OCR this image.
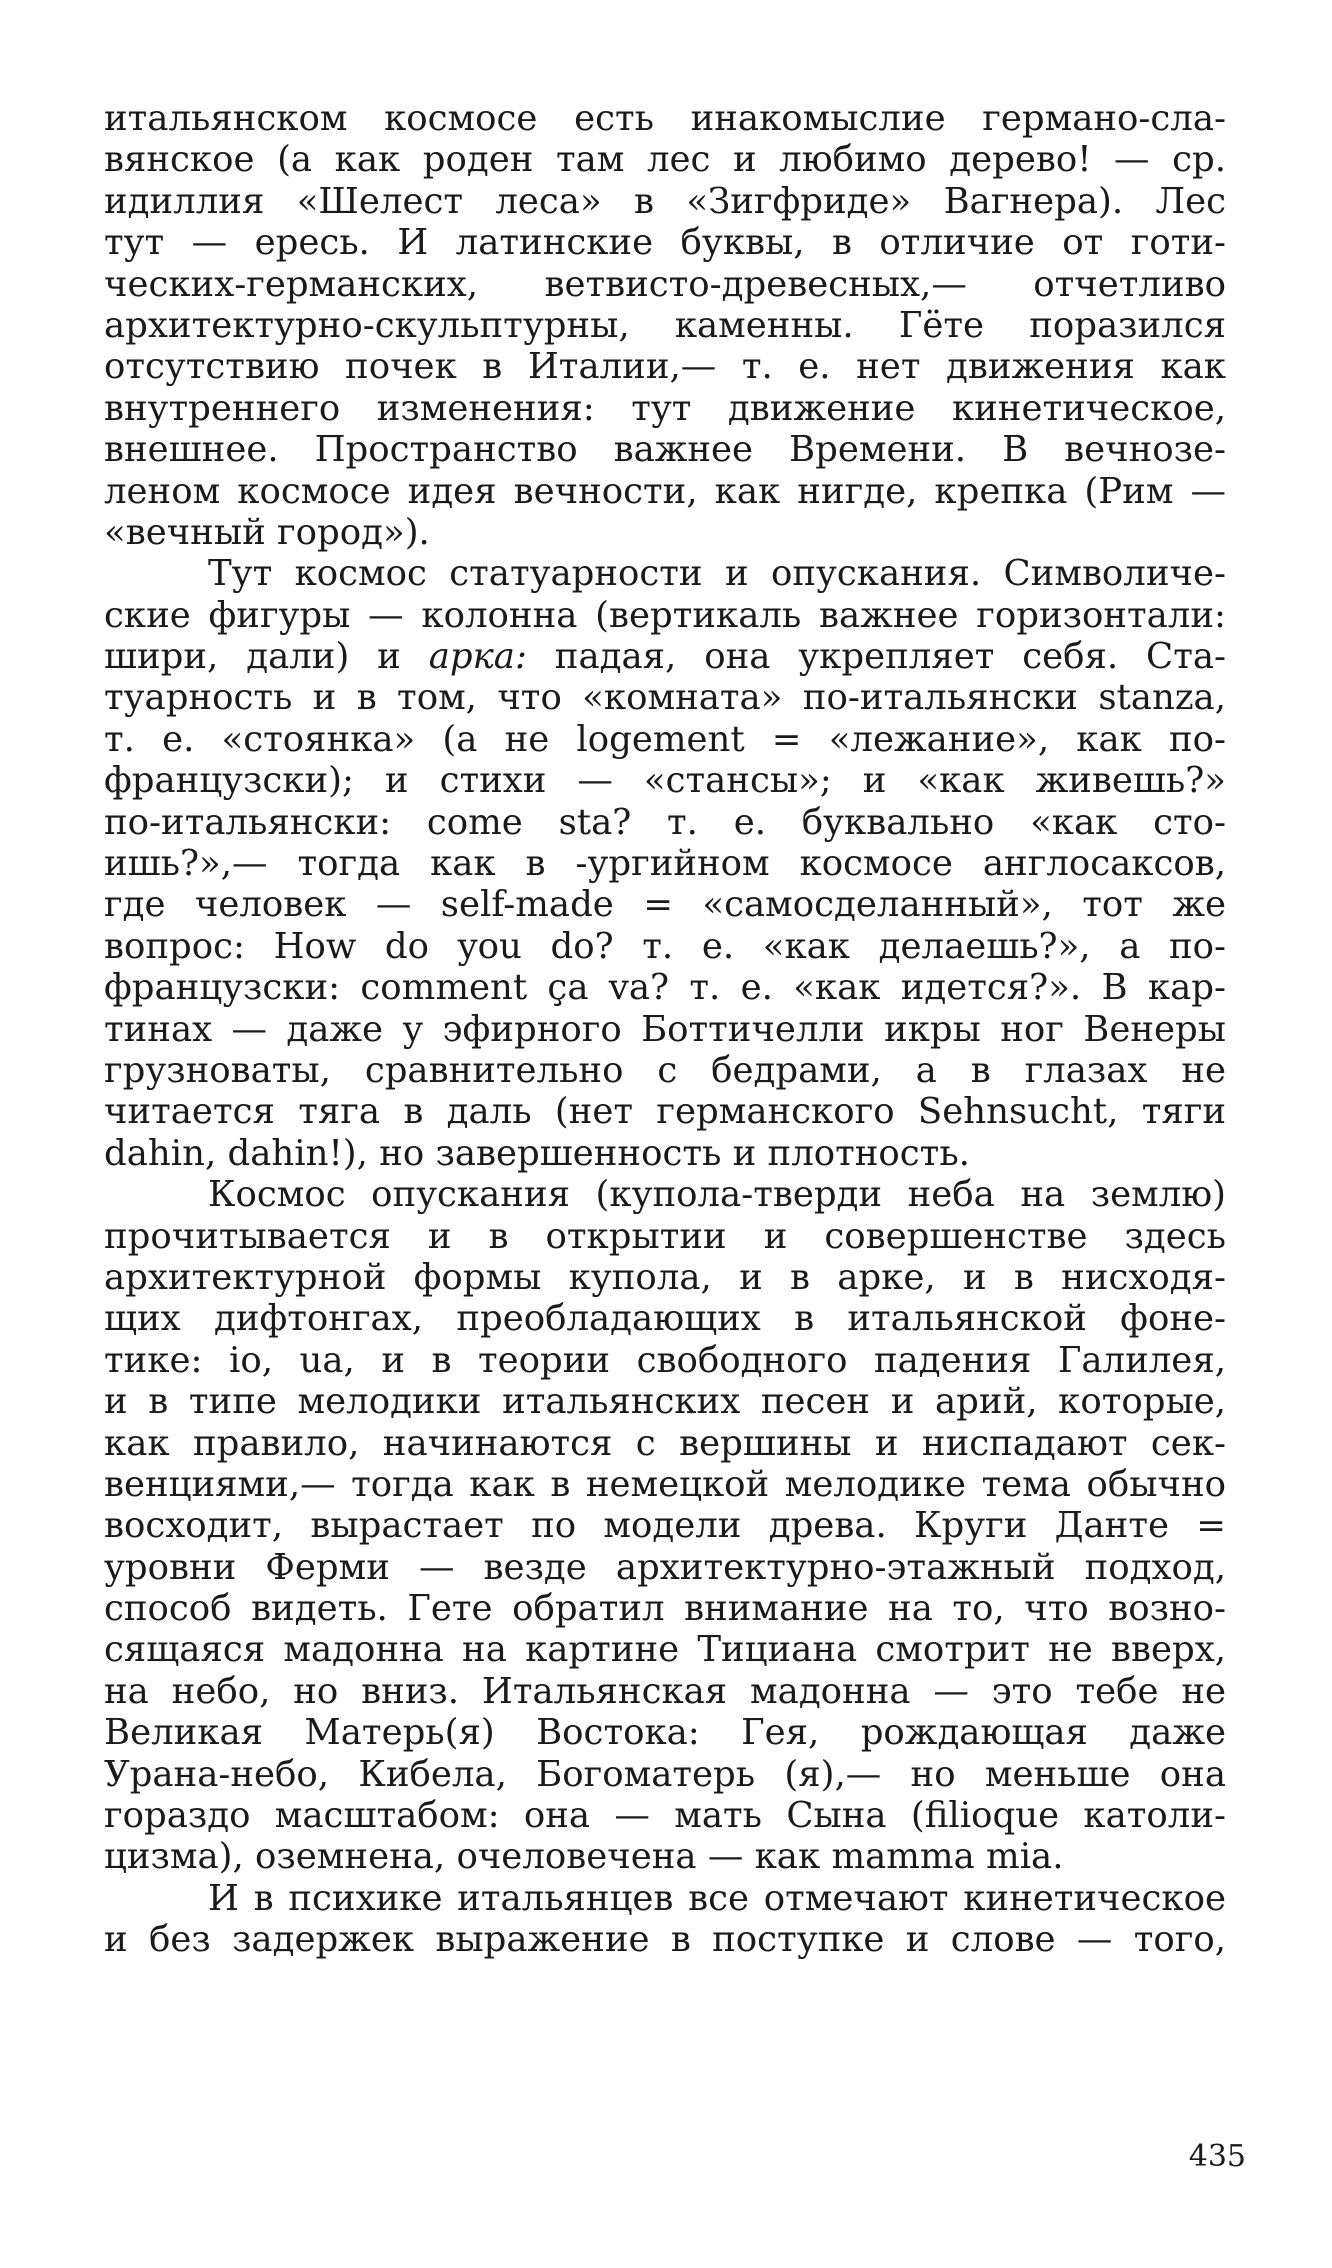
итальянском космосе есть инакомыслие германо-сла-
вянское (а как роден там лес и любимо дерево! — ср.
идиллия «Шелест леса» в «Зигфриде» Вагнера). Лес
тут — ересь. И латинские буквы, в отличие от готи-
ческих-германских, ветвисто-древесных,— отчетливо
архитектурно-скульптурны, каменны. Гёте поразился
отсутствию почек в Италии,— т. е. нет движения как
внутреннего изменения: тут движение кинетическое,
внешнее. Пространство важнее Времени. В вечнозе-
леном космосе идея вечности, как нигде, крепка (Рим —
«вечный город»).
Тут космос статуарности и опускания. Символиче-
ские фигуры — колонна (вертикаль важнее горизонтали:
шири, дали) и арка: падая, она укрепляет себя. Ста-
туарность и в том, что «комната» по-итальянски stanza,
т. е. «стоянка» (а не logement = «лежание», как по-
французски); и стихи — «стансы»; и «как живешь?»
по-итальянски: come sta? т. е. буквально «как сто-
ишь?»,— тогда как в -ургийном космосе англосаксов,
где человек — self-made = «самосделанный», тот же
вопрос: How do you do? т. е. «как делаешь?», а по-
французски: comment ça va? т. е. «как идется?». В кар-
тинах — даже у эфирного Боттичелли икры ног Венеры
грузноваты, сравнительно с бедрами, а в глазах не
читается тяга в даль (нет германского Sehnsucht, тяги
dahin, dahin!), но завершенность и плотность.
Космос опускания (купола-тверди неба на землю)
прочитывается и в открытии и совершенстве здесь
архитектурной формы купола, и в арке, и в нисходя-
щих дифтонгах, преобладающих в итальянской фоне-
тике: io, ua, и в теории свободного падения Галилея,
и в типе мелодики итальянских песен и арий, которые,
как правило, начинаются с вершины и ниспадают сек-
венциями,— тогда как в немецкой мелодике тема обычно
восходит, вырастает по модели древа. Круги Данте =
уровни Ферми — везде архитектурно-этажный подход,
способ видеть. Гете обратил внимание на то, что возно-
сящаяся мадонна на картине Тициана смотрит не вверх,
на небо, но вниз. Итальянская мадонна — это тебе не
Великая Матерь(я) Востока: Гея, рождающая даже
Урана-небо, Кибела, Богоматерь (я),— но меньше она
гораздо масштабом: она — мать Сына (filioque католи-
цизма), оземнена, очеловечена — как mamma mia.
И в психике итальянцев все отмечают кинетическое
и без задержек выражение в поступке и слове — того,
435
